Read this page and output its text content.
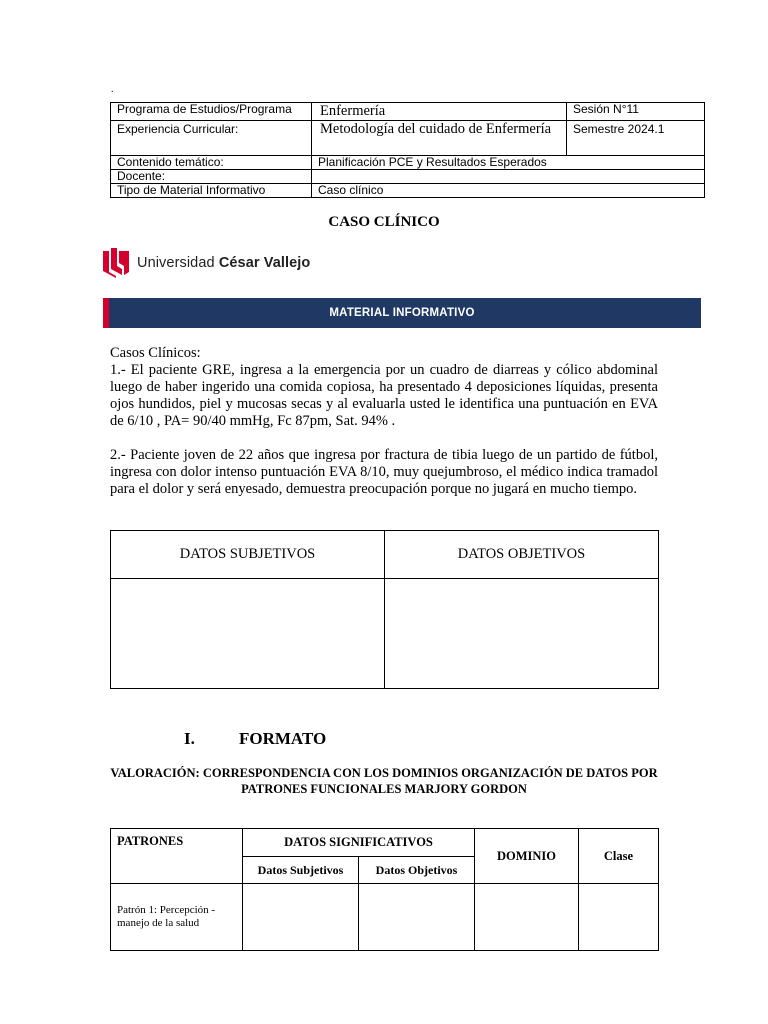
.
Programa de Estudios/Programa	Enfermería	Sesión N°11
Experiencia Curricular:	Metodología del cuidado de Enfermería	Semestre 2024.1
Contenido temático:	Planificación PCE y Resultados Esperados	
Docente:		
Tipo de Material Informativo	Caso clínico	
CASO CLÍNICO
Universidad César Vallejo
MATERIAL INFORMATIVO

Casos Clínicos:

1.- El paciente GRE, ingresa a la emergencia por un cuadro de diarreas y cólico abdominal luego de haber ingerido una comida copiosa, ha presentado 4 deposiciones líquidas, presenta ojos hundidos, piel y mucosas secas y al evaluarla usted le identifica una puntuación en EVA de 6/10 , PA= 90/40 mmHg, Fc 87pm, Sat. 94% .

2.- Paciente joven de 22 años que ingresa por fractura de tibia luego de un partido de fútbol, ingresa con dolor intenso puntuación EVA 8/10, muy quejumbroso, el médico indica tramadol para el dolor y será enyesado, demuestra preocupación porque no jugará en mucho tiempo.

DATOS SUBJETIVOS	DATOS OBJETIVOS

I.	FORMATO
VALORACIÓN: CORRESPONDENCIA CON LOS DOMINIOS ORGANIZACIÓN DE DATOS POR PATRONES FUNCIONALES MARJORY GORDON
PATRONES	DATOS SIGNIFICATIVOS		DOMINIO	Clase
	Datos Subjetivos	Datos Objetivos		
Patrón 1: Percepción - manejo de la salud				
